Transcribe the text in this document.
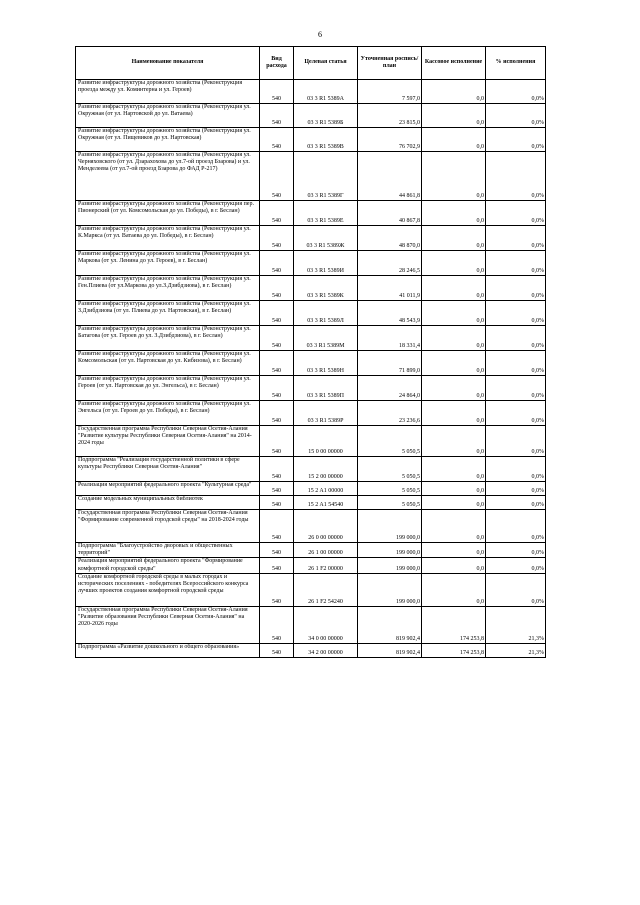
6
Наименование показателя	Вид расхода	Целевая статья	Уточненная роспись/план	Кассовое исполнение	% исполнения
Развитие инфраструктуры дорожного хозяйства (Реконструкция проезда между ул. Коминтерна и ул. Героев)	540	03 3 R1 5389А	7 597,0	0,0	0,0%
Развитие инфраструктуры дорожного хозяйства (Реконструкция ул. Окружная (от ул. Нартовской до ул. Ватаева)	540	03 3 R1 5389Б	23 815,0	0,0	0,0%
Развитие инфраструктуры дорожного хозяйства (Реконструкция ул. Окружная (от ул. Пищевиков до ул. Нартовская)	540	03 3 R1 5389В	76 702,9	0,0	0,0%
Развитие инфраструктуры дорожного хозяйства (Реконструкция ул. Черняховского (от ул. Дзарахохова до ул.7-ой проезд Бзарова) и ул. Менделеева (от ул.7-ой проезд Бзарова до ФАД Р-217)	540	03 3 R1 5389Г	44 861,8	0,0	0,0%
Развитие инфраструктуры дорожного хозяйства (Реконструкция пер. Пионерский (от ул. Комсомольская до ул. Победы), в г. Беслан)	540	03 3 R1 5389Е	40 867,8	0,0	0,0%
Развитие инфраструктуры дорожного хозяйства (Реконструкция ул. К.Маркса (от ул. Ватаева до ул. Победы), в г. Беслан)	540	03 3 R1 5389Ж	48 870,0	0,0	0,0%
Развитие инфраструктуры дорожного хозяйства (Реконструкция ул. Маркова (от ул. Ленина до ул. Героев), в г. Беслан)	540	03 3 R1 5389И	28 246,5	0,0	0,0%
Развитие инфраструктуры дорожного хозяйства (Реконструкция ул. Ген.Плиева (от ул.Маркова до ул.З.Дзибдзиова), в г. Беслан)	540	03 3 R1 5389К	41 011,9	0,0	0,0%
Развитие инфраструктуры дорожного хозяйства (Реконструкция ул. З.Дзибдзиова (от ул. Плиева до ул. Нартовская), в г. Беслан)	540	03 3 R1 5389Л	48 543,9	0,0	0,0%
Развитие инфраструктуры дорожного хозяйства (Реконструкция ул. Батагова (от ул. Героев до ул. З.Дзибдзиова), в г. Беслан)	540	03 3 R1 5389М	18 331,4	0,0	0,0%
Развитие инфраструктуры дорожного хозяйства (Реконструкция ул. Комсомольская (от ул. Нартовская до ул. Кибизова), в г. Беслан)	540	03 3 R1 5389Н	71 899,0	0,0	0,0%
Развитие инфраструктуры дорожного хозяйства (Реконструкция ул. Героев (от ул. Нартовская до ул. Энгельса), в г. Беслан)	540	03 3 R1 5389П	24 864,0	0,0	0,0%
Развитие инфраструктуры дорожного хозяйства (Реконструкция ул. Энгельса (от ул. Героев до ул. Победы), в г. Беслан)	540	03 3 R1 5389Р	23 236,6	0,0	0,0%
Государственная программа Республики Северная Осетия-Алания "Развитие культуры Республики Северная Осетия-Алания" на 2014-2024 годы	540	15 0 00 00000	5 050,5	0,0	0,0%
Подпрограмма "Реализация государственной политики в сфере культуры Республики Северная Осетия-Алания"	540	15 2 00 00000	5 050,5	0,0	0,0%
Реализация мероприятий федерального проекта "Культурная среда"	540	15 2 A1 00000	5 050,5	0,0	0,0%
Создание модельных муниципальных библиотек	540	15 2 A1 54540	5 050,5	0,0	0,0%
Государственная программа Республики Северная Осетия-Алания "Формирование современной городской среды" на 2018-2024 годы	540	26 0 00 00000	199 000,0	0,0	0,0%
Подпрограмма "Благоустройство дворовых и общественных территорий"	540	26 1 00 00000	199 000,0	0,0	0,0%
Реализация мероприятий федерального проекта "Формирование комфортной городской среды"	540	26 1 F2 00000	199 000,0	0,0	0,0%
Создание комфортной городской среды в малых городах и исторических поселениях - победителях Всероссийского конкурса лучших проектов создания комфортной городской среды	540	26 1 F2 54240	199 000,0	0,0	0,0%
Государственная программа Республики Северная Осетия-Алания "Развитие образования Республики Северная Осетия-Алания" на 2020-2026 годы	540	34 0 00 00000	819 902,4	174 253,8	21,3%
Подпрограмма «Развитие дошкольного и общего образования»	540	34 2 00 00000	819 902,4	174 253,8	21,3%
